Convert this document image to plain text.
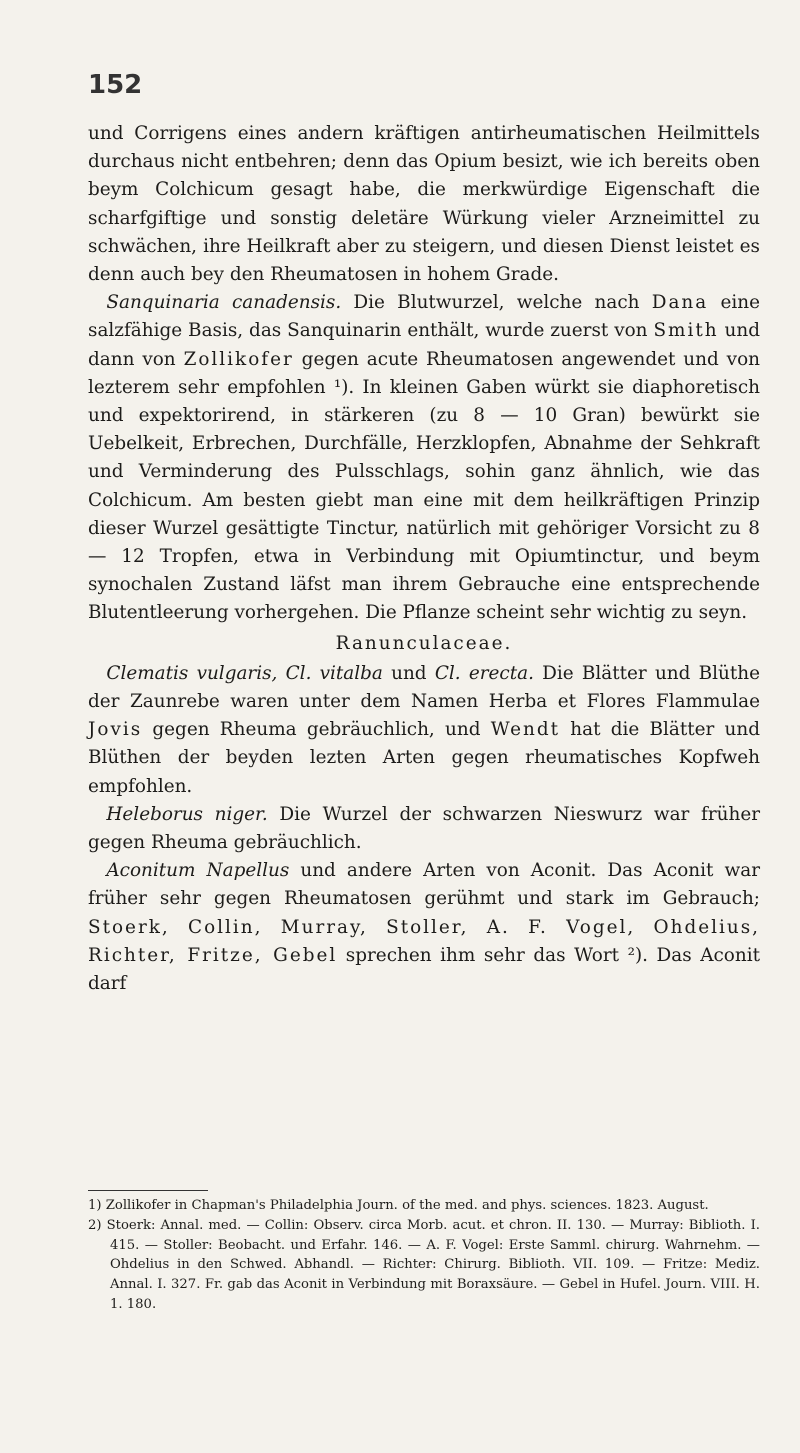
152

und Corrigens eines andern kräftigen antirheumatischen Heilmittels durchaus nicht entbehren; denn das Opium besizt, wie ich bereits oben beym Colchicum gesagt habe, die merkwürdige Eigenschaft die scharfgiftige und sonstig deletäre Würkung vieler Arzneimittel zu schwächen, ihre Heilkraft aber zu steigern, und diesen Dienst leistet es denn auch bey den Rheumatosen in hohem Grade.

 Sanquinaria canadensis. Die Blutwurzel, welche nach Dana eine salzfähige Basis, das Sanquinarin enthält, wurde zuerst von Smith und dann von Zollikofer gegen acute Rheumatosen angewendet und von lezterem sehr empfohlen ¹). In kleinen Gaben würkt sie diaphoretisch und expektorirend, in stärkeren (zu 8 — 10 Gran) bewürkt sie Uebelkeit, Erbrechen, Durchfälle, Herzklopfen, Abnahme der Sehkraft und Verminderung des Pulsschlags, sohin ganz ähnlich, wie das Colchicum. Am besten giebt man eine mit dem heilkräftigen Prinzip dieser Wurzel gesättigte Tinctur, natürlich mit gehöriger Vorsicht zu 8 — 12 Tropfen, etwa in Verbindung mit Opiumtinctur, und beym synochalen Zustand läfst man ihrem Gebrauche eine entsprechende Blutentleerung vorhergehen. Die Pflanze scheint sehr wichtig zu seyn.

Ranunculaceae.

 Clematis vulgaris, Cl. vitalba und Cl. erecta. Die Blätter und Blüthe der Zaunrebe waren unter dem Namen Herba et Flores Flammulae Jovis gegen Rheuma gebräuchlich, und Wendt hat die Blätter und Blüthen der beyden lezten Arten gegen rheumatisches Kopfweh empfohlen.

 Heleborus niger. Die Wurzel der schwarzen Nieswurz war früher gegen Rheuma gebräuchlich.

 Aconitum Napellus und andere Arten von Aconit. Das Aconit war früher sehr gegen Rheumatosen gerühmt und stark im Gebrauch; Stoerk, Collin, Murray, Stoller, A. F. Vogel, Ohdelius, Richter, Fritze, Gebel sprechen ihm sehr das Wort ²). Das Aconit darf

1) Zollikofer in Chapman's Philadelphia Journ. of the med. and phys. sciences. 1823. August.

2) Stoerk: Annal. med. — Collin: Observ. circa Morb. acut. et chron. II. 130. — Murray: Biblioth. I. 415. — Stoller: Beobacht. und Erfahr. 146. — A. F. Vogel: Erste Samml. chirurg. Wahrnehm. — Ohdelius in den Schwed. Abhandl. — Richter: Chirurg. Biblioth. VII. 109. — Fritze: Mediz. Annal. I. 327. Fr. gab das Aconit in Verbindung mit Boraxsäure. — Gebel in Hufel. Journ. VIII. H. 1. 180.
